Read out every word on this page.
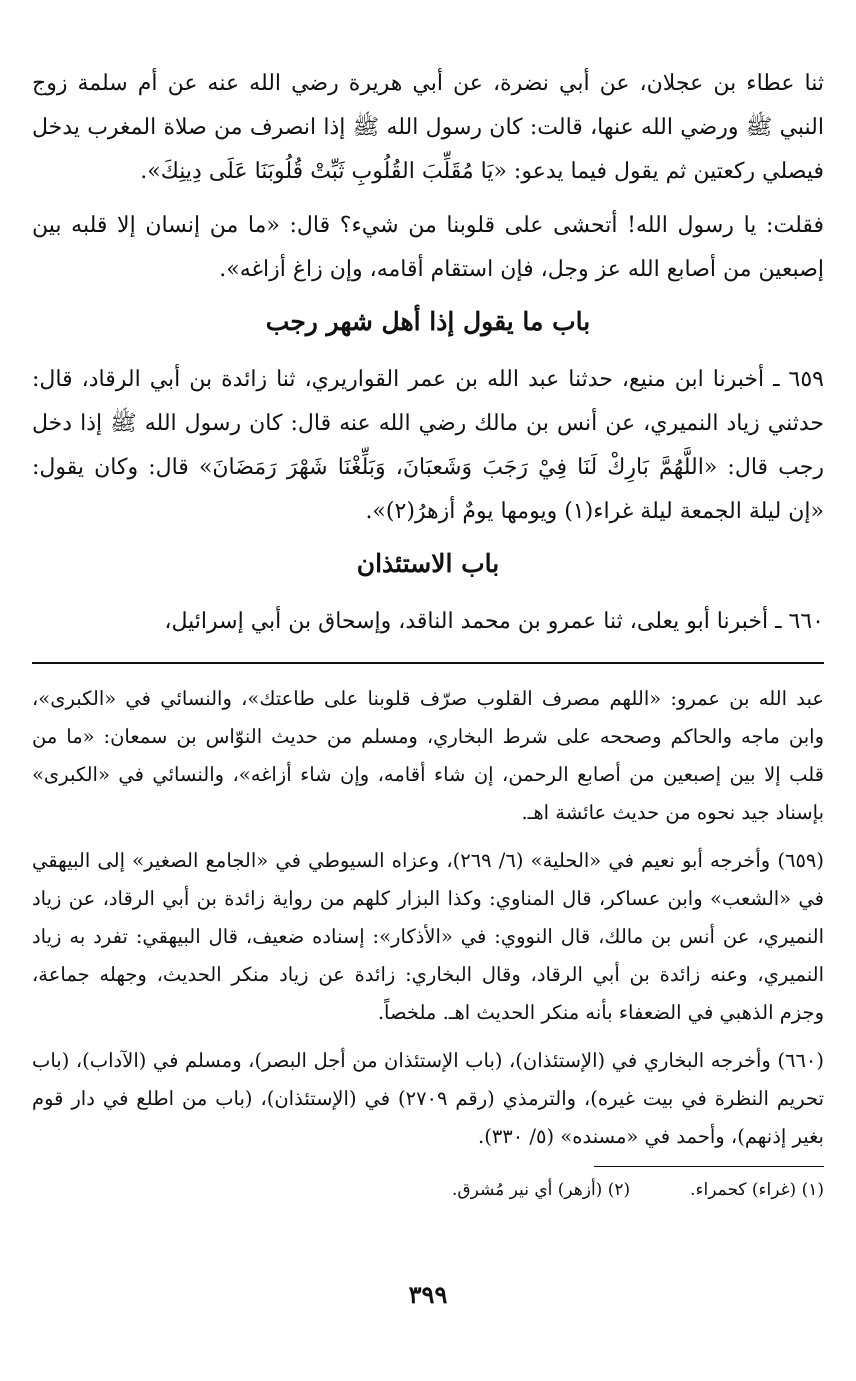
ثنا عطاء بن عجلان، عن أبي نضرة، عن أبي هريرة رضي الله عنه عن أم سلمة زوج النبي ﷺ ورضي الله عنها، قالت: كان رسول الله ﷺ إذا انصرف من صلاة المغرب يدخل فيصلي ركعتين ثم يقول فيما يدعو: «يَا مُقَلِّبَ القُلُوبِ ثَبِّتْ قُلُوبَنَا عَلَى دِينِكَ».

فقلت: يا رسول الله! أتحشى على قلوبنا من شيء؟ قال: «ما من إنسان إلا قلبه بين إصبعين من أصابع الله عز وجل، فإن استقام أقامه، وإن زاغ أزاغه».

باب ما يقول إذا أهل شهر رجب

٦٥٩ ـ أخبرنا ابن منيع، حدثنا عبد الله بن عمر القواريري، ثنا زائدة بن أبي الرقاد، قال: حدثني زياد النميري، عن أنس بن مالك رضي الله عنه قال: كان رسول الله ﷺ إذا دخل رجب قال: «اللَّهُمَّ بَارِكْ لَنَا فِيْ رَجَبَ وَشَعبَانَ، وَبَلِّغْنَا شَهْرَ رَمَضَانَ» قال: وكان يقول: «إن ليلة الجمعة ليلة غراء(١) ويومها يومٌ أزهرُ(٢)».

باب الاستئذان

٦٦٠ ـ أخبرنا أبو يعلى، ثنا عمرو بن محمد الناقد، وإسحاق بن أبي إسرائيل،

عبد الله بن عمرو: «اللهم مصرف القلوب صرّف قلوبنا على طاعتك»، والنسائي في «الكبرى»، وابن ماجه والحاكم وصححه على شرط البخاري، ومسلم من حديث النوّاس بن سمعان: «ما من قلب إلا بين إصبعين من أصابع الرحمن، إن شاء أقامه، وإن شاء أزاغه»، والنسائي في «الكبرى» بإسناد جيد نحوه من حديث عائشة اهـ.

(٦٥٩) وأخرجه أبو نعيم في «الحلية» (٦/ ٢٦٩)، وعزاه السيوطي في «الجامع الصغير» إلى البيهقي في «الشعب» وابن عساكر، قال المناوي: وكذا البزار كلهم من رواية زائدة بن أبي الرقاد، عن زياد النميري، عن أنس بن مالك، قال النووي: في «الأذكار»: إسناده ضعيف، قال البيهقي: تفرد به زياد النميري، وعنه زائدة بن أبي الرقاد، وقال البخاري: زائدة عن زياد منكر الحديث، وجهله جماعة، وجزم الذهبي في الضعفاء بأنه منكر الحديث اهـ. ملخصاً.

(٦٦٠) وأخرجه البخاري في (الإستئذان)، (باب الإستئذان من أجل البصر)، ومسلم في (الآداب)، (باب تحريم النظرة في بيت غيره)، والترمذي (رقم ٢٧٠٩) في (الإستئذان)، (باب من اطلع في دار قوم بغير إذنهم)، وأحمد في «مسنده» (٥/ ٣٣٠).

(١) (غراء) كحمراء.
(٢) (أزهر) أي نير مُشرق.
٣٩٩
